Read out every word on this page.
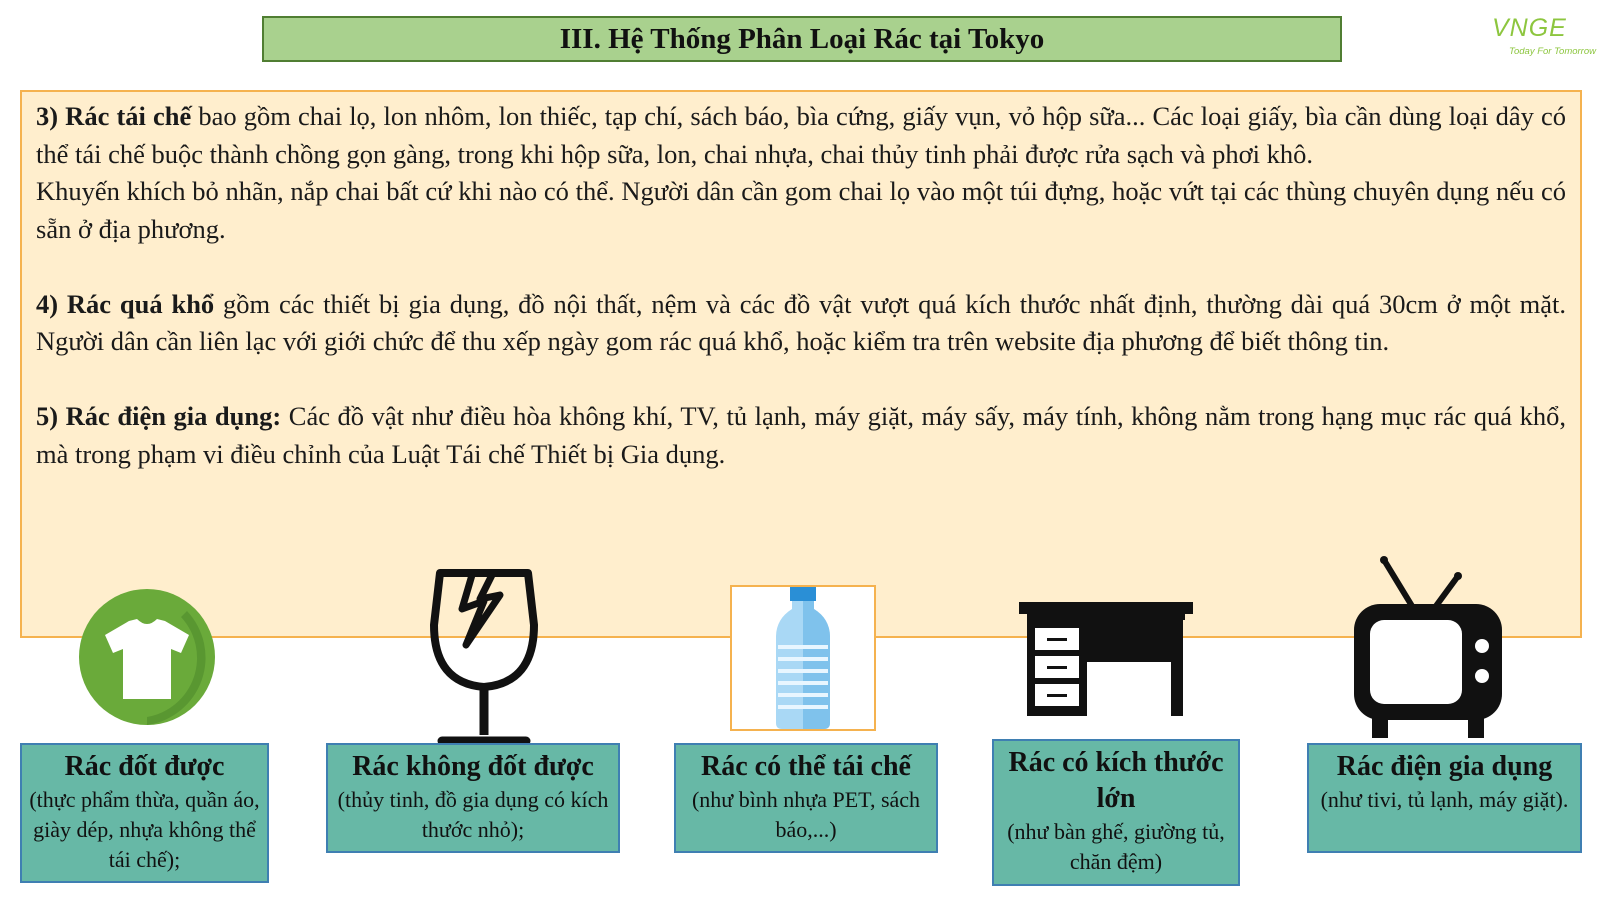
III. Hệ Thống Phân Loại Rác tại Tokyo	VNGE
Today For Tomorrow

3) Rác tái chế bao gồm chai lọ, lon nhôm, lon thiếc, tạp chí, sách báo, bìa cứng, giấy vụn, vỏ hộp sữa... Các loại giấy, bìa cần dùng loại dây có thể tái chế buộc thành chồng gọn gàng, trong khi hộp sữa, lon, chai nhựa, chai thủy tinh phải được rửa sạch và phơi khô.

Khuyến khích bỏ nhãn, nắp chai bất cứ khi nào có thể. Người dân cần gom chai lọ vào một túi đựng, hoặc vứt tại các thùng chuyên dụng nếu có sẵn ở địa phương.

4) Rác quá khổ gồm các thiết bị gia dụng, đồ nội thất, nệm và các đồ vật vượt quá kích thước nhất định, thường dài quá 30cm ở một mặt. Người dân cần liên lạc với giới chức để thu xếp ngày gom rác quá khổ, hoặc kiểm tra trên website địa phương để biết thông tin.

5) Rác điện gia dụng: Các đồ vật như điều hòa không khí, TV, tủ lạnh, máy giặt, máy sấy, máy tính, không nằm trong hạng mục rác quá khổ, mà trong phạm vi điều chỉnh của Luật Tái chế Thiết bị Gia dụng.

Rác đốt được
(thực phẩm thừa, quần áo, giày dép, nhựa không thể tái chế);
Rác không đốt được
(thủy tinh, đồ gia dụng có kích thước nhỏ);
Rác có thể tái chế
(như bình nhựa PET, sách báo,...)
Rác có kích thước lớn
(như bàn ghế, giường tủ, chăn đệm)
Rác điện gia dụng
(như tivi, tủ lạnh, máy giặt).
